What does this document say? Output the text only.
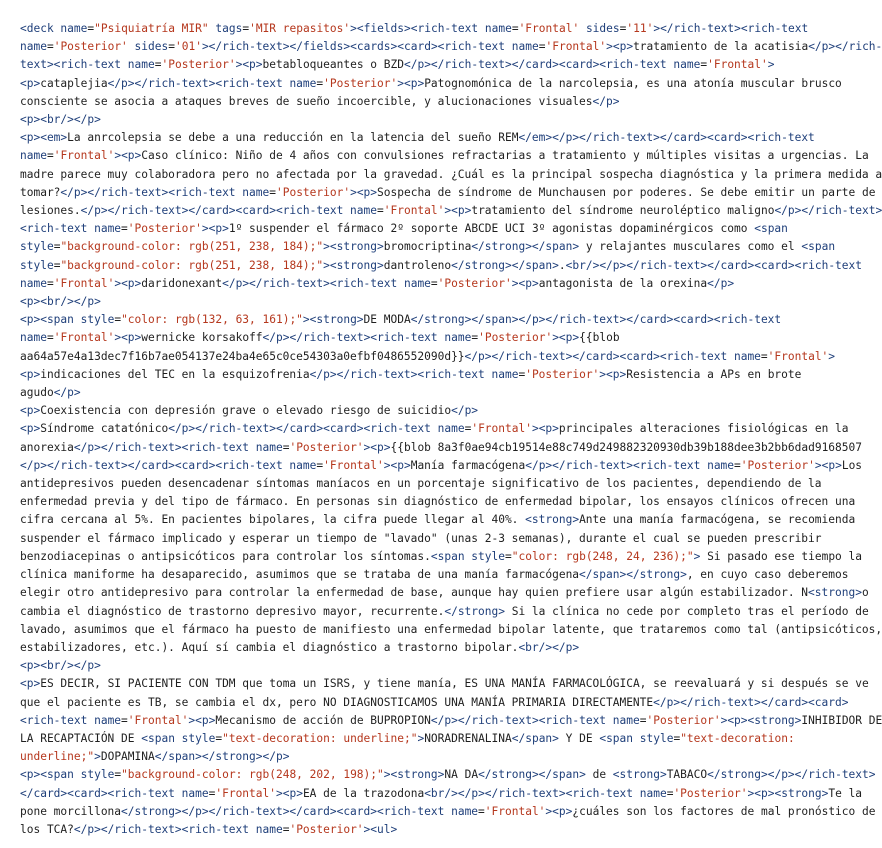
<deck name="Psiquiatría MIR" tags='MIR repasitos'><fields><rich-text name='Frontal' sides='11'></rich-text><rich-text
name='Posterior' sides='01'></rich-text></fields><cards><card><rich-text name='Frontal'><p>tratamiento de la acatisia</p></rich-
text><rich-text name='Posterior'><p>betabloqueantes o BZD</p></rich-text></card><card><rich-text name='Frontal'>
<p>cataplejia</p></rich-text><rich-text name='Posterior'><p>Patognomónica de la narcolepsia, es una atonía muscular brusco
consciente se asocia a ataques breves de sueño incoercible, y alucionaciones visuales</p>
<p><br/></p>
<p><em>La anrcolepsia se debe a una reducción en la latencia del sueño REM</em></p></rich-text></card><card><rich-text
name='Frontal'><p>Caso clínico: Niño de 4 años con convulsiones refractarias a tratamiento y múltiples visitas a urgencias. La
madre parece muy colaboradora pero no afectada por la gravedad. ¿Cuál es la principal sospecha diagnóstica y la primera medida a
tomar?</p></rich-text><rich-text name='Posterior'><p>Sospecha de síndrome de Munchausen por poderes. Se debe emitir un parte de
lesiones.</p></rich-text></card><card><rich-text name='Frontal'><p>tratamiento del síndrome neuroléptico maligno</p></rich-text>
<rich-text name='Posterior'><p>1º suspender el fármaco 2º soporte ABCDE UCI 3º agonistas dopaminérgicos como <span
style="background-color: rgb(251, 238, 184);"><strong>bromocriptina</strong></span> y relajantes musculares como el <span
style="background-color: rgb(251, 238, 184);"><strong>dantroleno</strong></span>.<br/></p></rich-text></card><card><rich-text
name='Frontal'><p>daridonexant</p></rich-text><rich-text name='Posterior'><p>antagonista de la orexina</p>
<p><br/></p>
<p><span style="color: rgb(132, 63, 161);"><strong>DE MODA</strong></span></p></rich-text></card><card><rich-text
name='Frontal'><p>wernicke korsakoff</p></rich-text><rich-text name='Posterior'><p>{{blob
aa64a57e4a13dec7f16b7ae054137e24ba4e65c0ce54303a0efbf0486552090d}}</p></rich-text></card><card><rich-text name='Frontal'>
<p>indicaciones del TEC en la esquizofrenia</p></rich-text><rich-text name='Posterior'><p>Resistencia a APs en brote
agudo</p>
<p>Coexistencia con depresión grave o elevado riesgo de suicidio</p>
<p>Síndrome catatónico</p></rich-text></card><card><rich-text name='Frontal'><p>principales alteraciones fisiológicas en la
anorexia</p></rich-text><rich-text name='Posterior'><p>{{blob 8a3f0ae94cb19514e88c749d249882320930db39b188dee3b2bb6dad9168507
</p></rich-text></card><card><rich-text name='Frontal'><p>Manía farmacógena</p></rich-text><rich-text name='Posterior'><p>Los
antidepresivos pueden desencadenar síntomas maníacos en un porcentaje significativo de los pacientes, dependiendo de la
enfermedad previa y del tipo de fármaco. En personas sin diagnóstico de enfermedad bipolar, los ensayos clínicos ofrecen una
cifra cercana al 5%. En pacientes bipolares, la cifra puede llegar al 40%. <strong>Ante una manía farmacógena, se recomienda
suspender el fármaco implicado y esperar un tiempo de "lavado" (unas 2-3 semanas), durante el cual se pueden prescribir
benzodiacepinas o antipsicóticos para controlar los síntomas.<span style="color: rgb(248, 24, 236);"> Si pasado ese tiempo la
clínica maniforme ha desaparecido, asumimos que se trataba de una manía farmacógena</span></strong>, en cuyo caso deberemos
elegir otro antidepresivo para controlar la enfermedad de base, aunque hay quien prefiere usar algún estabilizador. N<strong>o
cambia el diagnóstico de trastorno depresivo mayor, recurrente.</strong> Si la clínica no cede por completo tras el período de
lavado, asumimos que el fármaco ha puesto de manifiesto una enfermedad bipolar latente, que trataremos como tal (antipsicóticos,
estabilizadores, etc.). Aquí sí cambia el diagnóstico a trastorno bipolar.<br/></p>
<p><br/></p>
<p>ES DECIR, SI PACIENTE CON TDM que toma un ISRS, y tiene manía, ES UNA MANÍA FARMACOLÓGICA, se reevaluará y si después se ve
que el paciente es TB, se cambia el dx, pero NO DIAGNOSTICAMOS UNA MANÍA PRIMARIA DIRECTAMENTE</p></rich-text></card><card>
<rich-text name='Frontal'><p>Mecanismo de acción de BUPROPION</p></rich-text><rich-text name='Posterior'><p><strong>INHIBIDOR DE
LA RECAPTACIÓN DE <span style="text-decoration: underline;">NORADRENALINA</span> Y DE <span style="text-decoration:
underline;">DOPAMINA</span></strong></p>
<p><span style="background-color: rgb(248, 202, 198);"><strong>NA DA</strong></span> de <strong>TABACO</strong></p></rich-text>
</card><card><rich-text name='Frontal'><p>EA de la trazodona<br/></p></rich-text><rich-text name='Posterior'><p><strong>Te la
pone morcillona</strong></p></rich-text></card><card><rich-text name='Frontal'><p>¿cuáles son los factores de mal pronóstico de
los TCA?</p></rich-text><rich-text name='Posterior'><ul>
